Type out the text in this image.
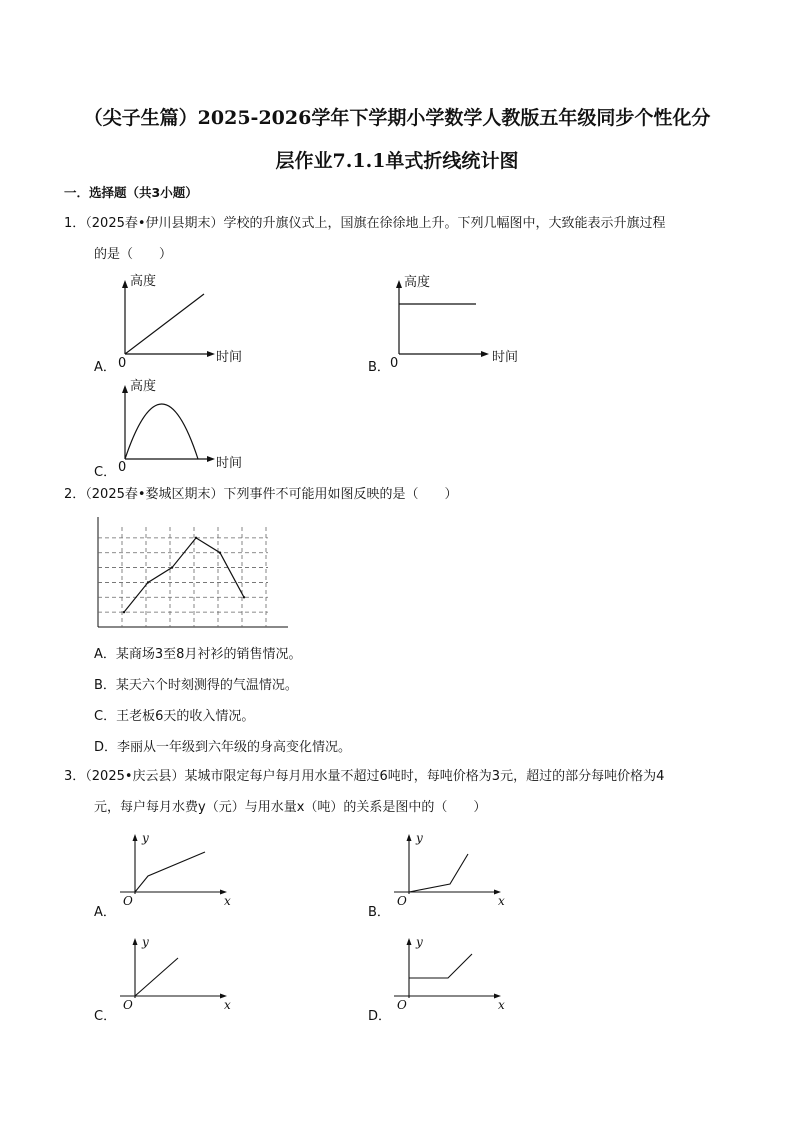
（尖子生篇）2025-2026学年下学期小学数学人教版五年级同步个性化分
层作业7.1.1单式折线统计图
一．选择题（共3小题）
1．（2025春•伊川县期末）学校的升旗仪式上，国旗在徐徐地上升。下列几幅图中，大致能表示升旗过程
的是（　　）
A．
高度
0	时间
B．
高度
0	时间
C．
高度
0	时间
2．（2025春•婺城区期末）下列事件不可能用如图反映的是（　　）
A．某商场3至8月衬衫的销售情况。
B．某天六个时刻测得的气温情况。
C．王老板6天的收入情况。
D．李丽从一年级到六年级的身高变化情况。
3．（2025•庆云县）某城市限定每户每月用水量不超过6吨时，每吨价格为3元，超过的部分每吨价格为4
元，每户每月水费y（元）与用水量x（吨）的关系是图中的（　　）
A．
y
O	x
B．
y
O	x
C．
y
O	x
D．
y
O	x
